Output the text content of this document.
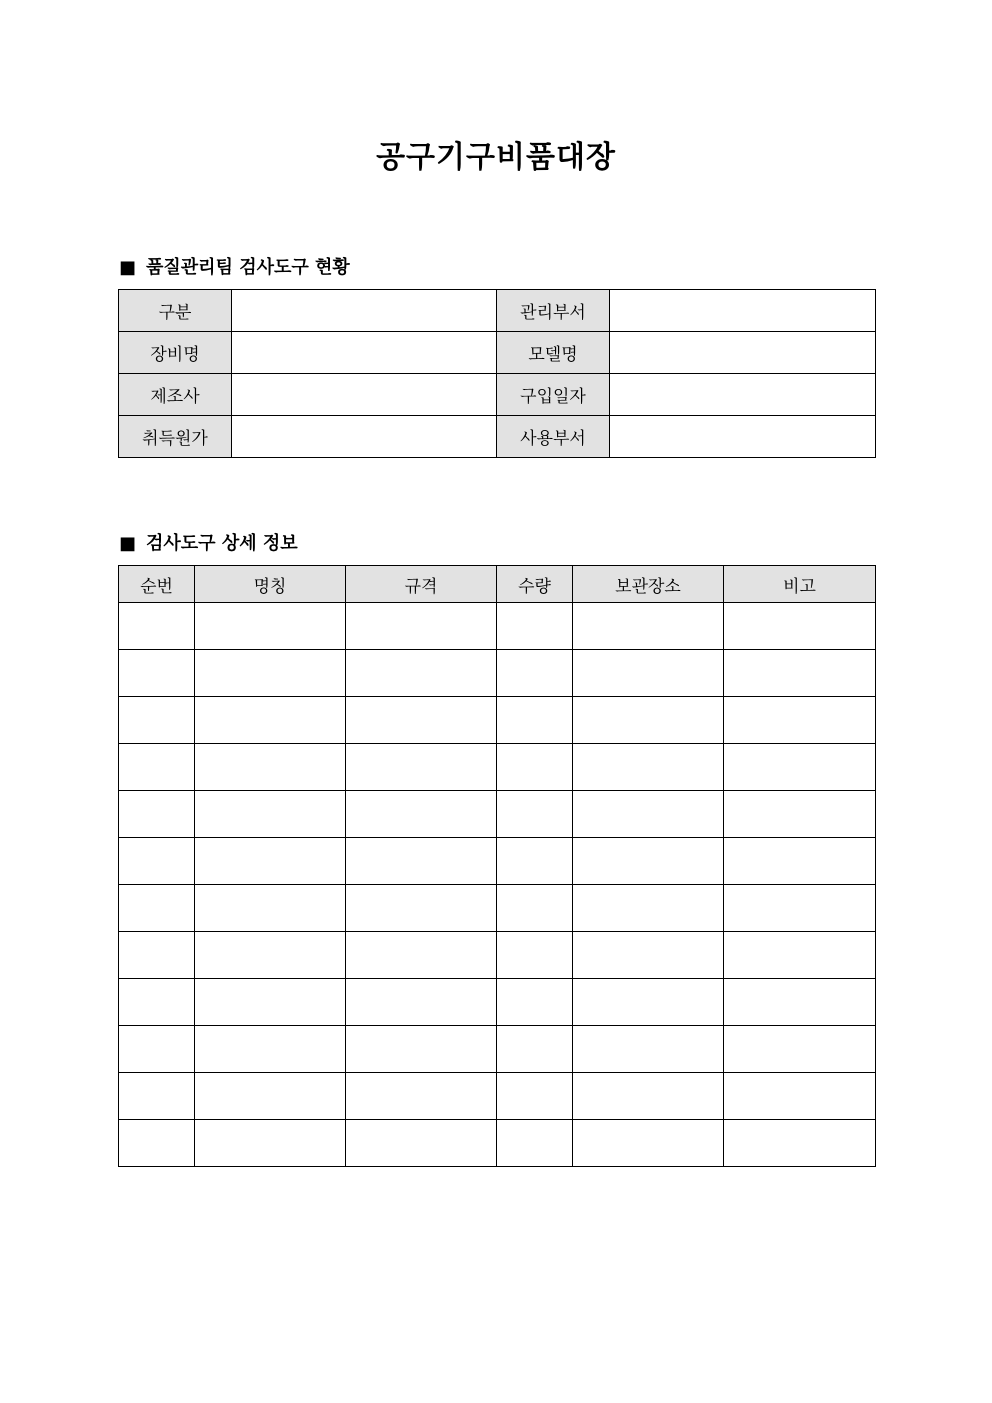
공구기구비품대장
■ 품질관리팀 검사도구 현황
구분		관리부서	
장비명		모델명	
제조사		구입일자	
취득원가		사용부서	
■ 검사도구 상세 정보
순번	명칭	규격	수량	보관장소	비고
